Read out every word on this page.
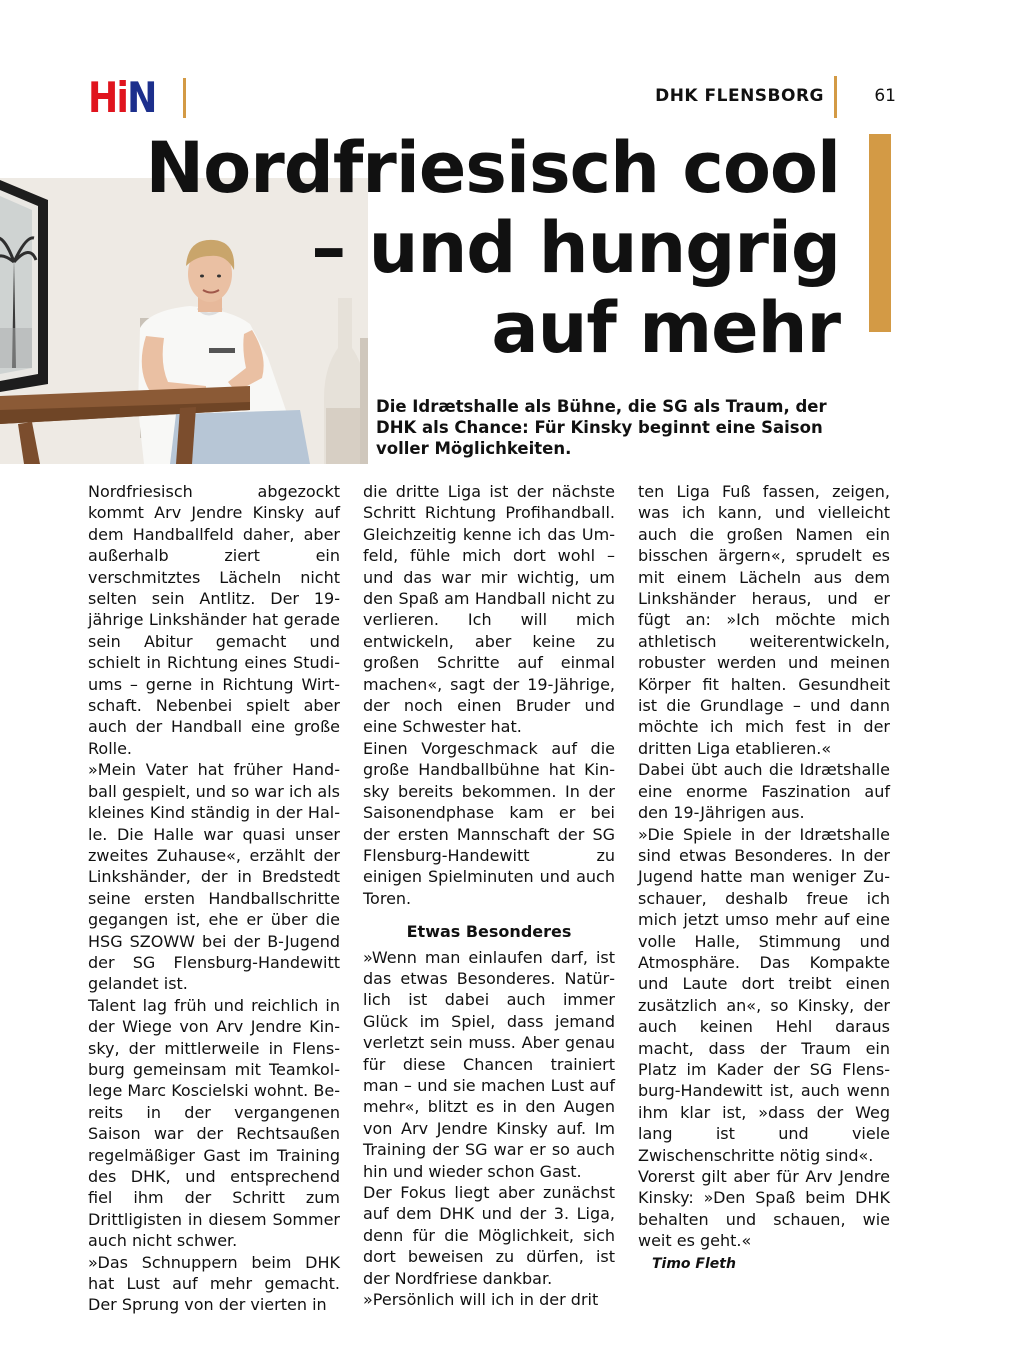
HiN	DHK FLENSBORG	61
Nordfriesisch cool
– und hungrig
auf mehr
Die Idrætshalle als Bühne, die SG als Traum, der DHK als Chance: Für Kinsky beginnt eine Saison voller Möglichkeiten.

Nordfriesisch abgezockt kommt Arv Jendre Kinsky auf dem Handballfeld daher, aber außerhalb ziert ein verschmitztes Lächeln nicht selten sein Antlitz. Der 19-jährige Linkshänder hat gerade sein Abitur gemacht und schielt in Richtung eines Studiums – gerne in Richtung Wirtschaft. Nebenbei spielt aber auch der Handball eine große Rolle.

»Mein Vater hat früher Handball gespielt, und so war ich als kleines Kind ständig in der Halle. Die Halle war quasi unser zweites Zuhause«, erzählt der Linkshänder, der in Bredstedt seine ersten Handballschritte gegangen ist, ehe er über die HSG SZOWW bei der B-Jugend der SG Flensburg-Handewitt gelandet ist.

Talent lag früh und reichlich in der Wiege von Arv Jendre Kinsky, der mittlerweile in Flensburg gemeinsam mit Teamkollege Marc Koscielski wohnt. Bereits in der vergangenen Saison war der Rechtsaußen regelmäßiger Gast im Training des DHK, und entsprechend fiel ihm der Schritt zum Drittligisten in diesem Sommer auch nicht schwer.

»Das Schnuppern beim DHK hat Lust auf mehr gemacht. Der Sprung von der vierten in

die dritte Liga ist der nächste Schritt Richtung Profihandball. Gleichzeitig kenne ich das Umfeld, fühle mich dort wohl – und das war mir wichtig, um den Spaß am Handball nicht zu verlieren. Ich will mich entwickeln, aber keine zu großen Schritte auf einmal machen«, sagt der 19-Jährige, der noch einen Bruder und eine Schwester hat.

Einen Vorgeschmack auf die große Handballbühne hat Kinsky bereits bekommen. In der Saisonendphase kam er bei der ersten Mannschaft der SG Flensburg-Handewitt zu einigen Spielminuten und auch Toren.

Etwas Besonderes

»Wenn man einlaufen darf, ist das etwas Besonderes. Natürlich ist dabei auch immer Glück im Spiel, dass jemand verletzt sein muss. Aber genau für diese Chancen trainiert man – und sie machen Lust auf mehr«, blitzt es in den Augen von Arv Jendre Kinsky auf. Im Training der SG war er so auch hin und wieder schon Gast.

Der Fokus liegt aber zunächst auf dem DHK und der 3. Liga, denn für die Möglichkeit, sich dort beweisen zu dürfen, ist der Nordfriese dankbar.

»Persönlich will ich in der drit

ten Liga Fuß fassen, zeigen, was ich kann, und vielleicht auch die großen Namen ein bisschen ärgern«, sprudelt es mit einem Lächeln aus dem Linkshänder heraus, und er fügt an: »Ich möchte mich athletisch weiterentwickeln, robuster werden und meinen Körper fit halten. Gesundheit ist die Grundlage – und dann möchte ich mich fest in der dritten Liga etablieren.«

Dabei übt auch die Idrætshalle eine enorme Faszination auf den 19-Jährigen aus.

»Die Spiele in der Idrætshalle sind etwas Besonderes. In der Jugend hatte man weniger Zuschauer, deshalb freue ich mich jetzt umso mehr auf eine volle Halle, Stimmung und Atmosphäre. Das Kompakte und Laute dort treibt einen zusätzlich an«, so Kinsky, der auch keinen Hehl daraus macht, dass der Traum ein Platz im Kader der SG Flensburg-Handewitt ist, auch wenn ihm klar ist, »dass der Weg lang ist und viele Zwischenschritte nötig sind«.

Vorerst gilt aber für Arv Jendre Kinsky: »Den Spaß beim DHK behalten und schauen, wie weit es geht.«

Timo Fleth
